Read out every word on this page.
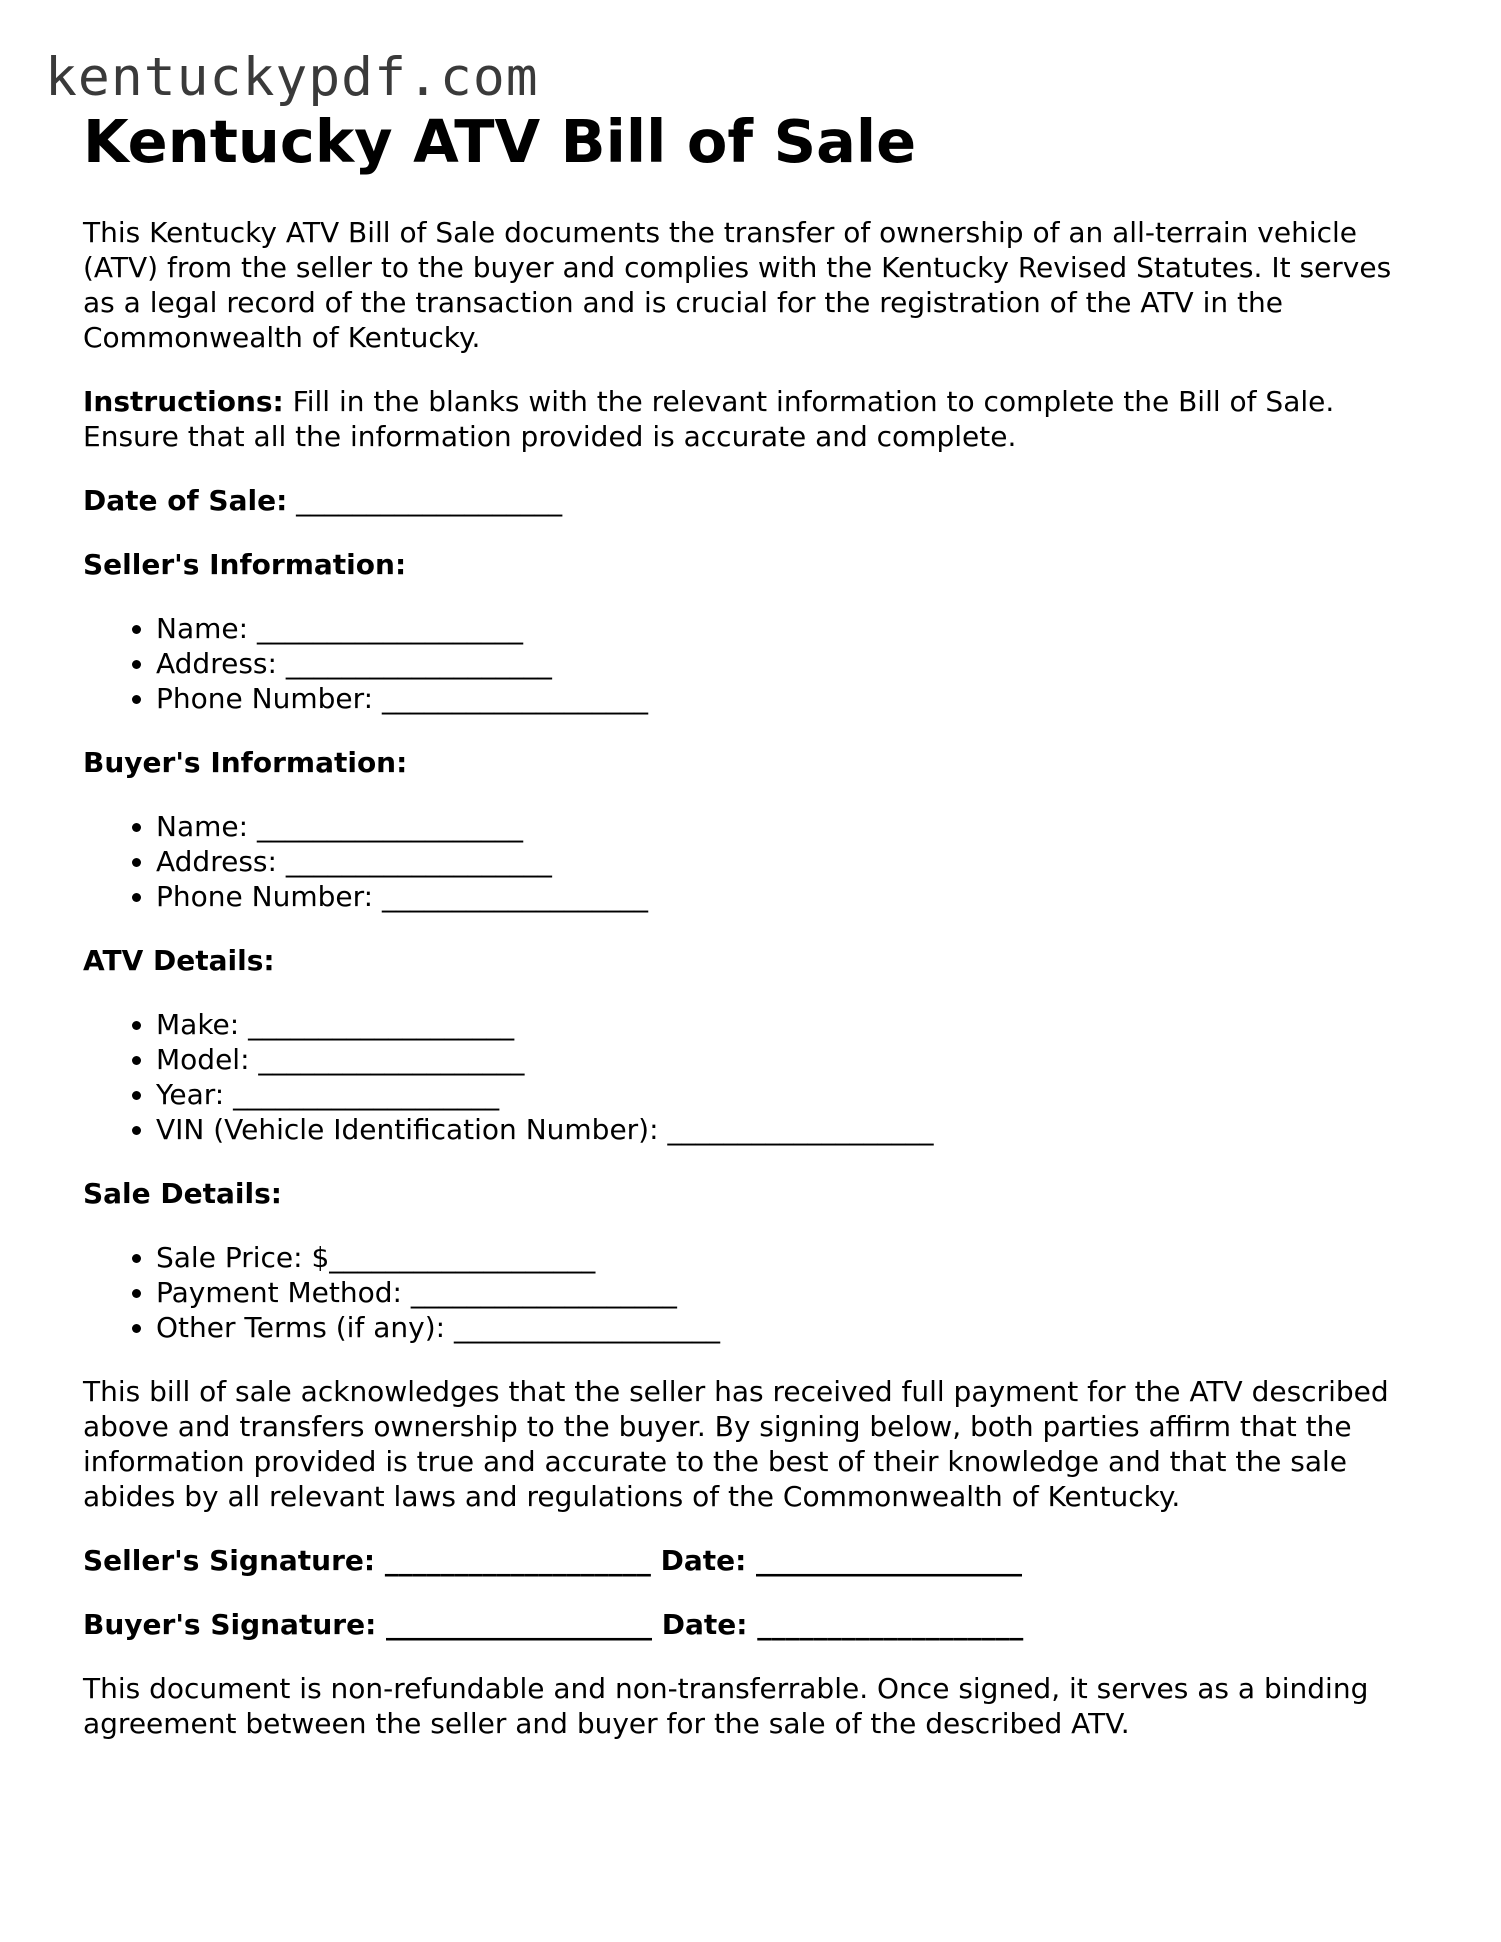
kentuckypdf.com
Kentucky ATV Bill of Sale

This Kentucky ATV Bill of Sale documents the transfer of ownership of an all-terrain vehicle (ATV) from the seller to the buyer and complies with the Kentucky Revised Statutes. It serves as a legal record of the transaction and is crucial for the registration of the ATV in the Commonwealth of Kentucky.

Instructions: Fill in the blanks with the relevant information to complete the Bill of Sale. Ensure that all the information provided is accurate and complete.

Date of Sale: ___________________

Seller's Information:

• Name: ___________________
• Address: ___________________
• Phone Number: ___________________

Buyer's Information:

• Name: ___________________
• Address: ___________________
• Phone Number: ___________________

ATV Details:

• Make: ___________________
• Model: ___________________
• Year: ___________________
• VIN (Vehicle Identification Number): ___________________

Sale Details:

• Sale Price: $___________________
• Payment Method: ___________________
• Other Terms (if any): ___________________

This bill of sale acknowledges that the seller has received full payment for the ATV described above and transfers ownership to the buyer. By signing below, both parties affirm that the information provided is true and accurate to the best of their knowledge and that the sale abides by all relevant laws and regulations of the Commonwealth of Kentucky.

Seller's Signature: ___________________ Date: ___________________

Buyer's Signature: ___________________ Date: ___________________

This document is non-refundable and non-transferrable. Once signed, it serves as a binding agreement between the seller and buyer for the sale of the described ATV.
